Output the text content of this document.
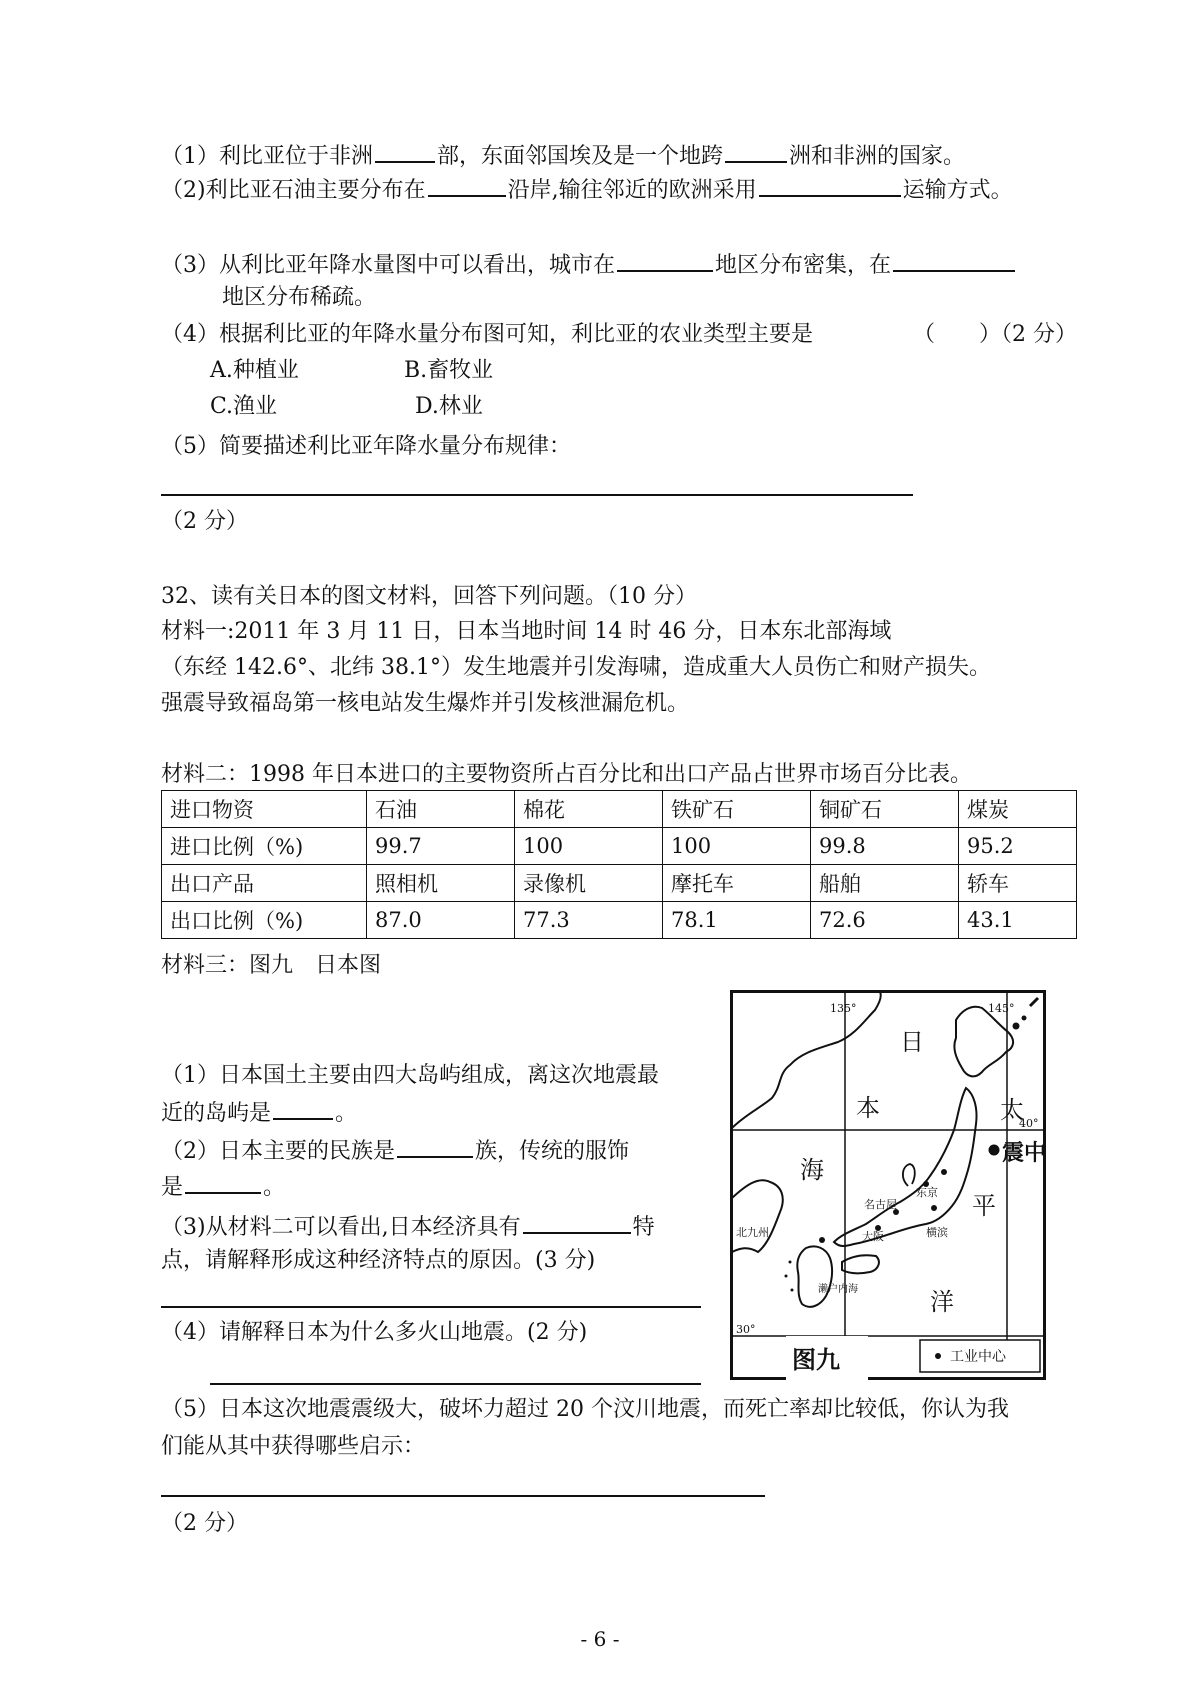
（1）利比亚位于非洲	部，东面邻国埃及是一个地跨	洲和非洲的国家。
（2)利比亚石油主要分布在	沿岸,输往邻近的欧洲采用	运输方式。
（3）从利比亚年降水量图中可以看出，城市在	地区分布密集，在
地区分布稀疏。
（4）根据利比亚的年降水量分布图可知，利比亚的农业类型主要是	（　　）（2 分）
A.种植业	B.畜牧业
C.渔业	D.林业
（5）简要描述利比亚年降水量分布规律：
（2 分）
32、读有关日本的图文材料，回答下列问题。（10 分）
材料一:2011 年 3 月 11 日，日本当地时间 14 时 46 分，日本东北部海域
（东经 142.6°、北纬 38.1°）发生地震并引发海啸，造成重大人员伤亡和财产损失。
强震导致福岛第一核电站发生爆炸并引发核泄漏危机。
材料二：1998 年日本进口的主要物资所占百分比和出口产品占世界市场百分比表。
进口物资	石油	棉花	铁矿石	铜矿石	煤炭
进口比例（%)	99.7	100	100	99.8	95.2
出口产品	照相机	录像机	摩托车	船舶	轿车
出口比例（%)	87.0	77.3	78.1	72.6	43.1
材料三：图九　日本图
（1）日本国土主要由四大岛屿组成，离这次地震最
近的岛屿是	。
（2）日本主要的民族是	族，传统的服饰
是	。
（3)从材料二可以看出,日本经济具有	特
点，请解释形成这种经济特点的原因。(3 分)
（4）请解释日本为什么多火山地震。(2 分)
（5）日本这次地震震级大，破坏力超过 20 个汶川地震，而死亡率却比较低，你认为我
们能从其中获得哪些启示：
（2 分）
震中
日
本
海
太
平
洋
135°	145°
40°
30°
名古屋
东京
大阪	横滨
北九州
濑户内海
图九	工业中心
- 6 -
